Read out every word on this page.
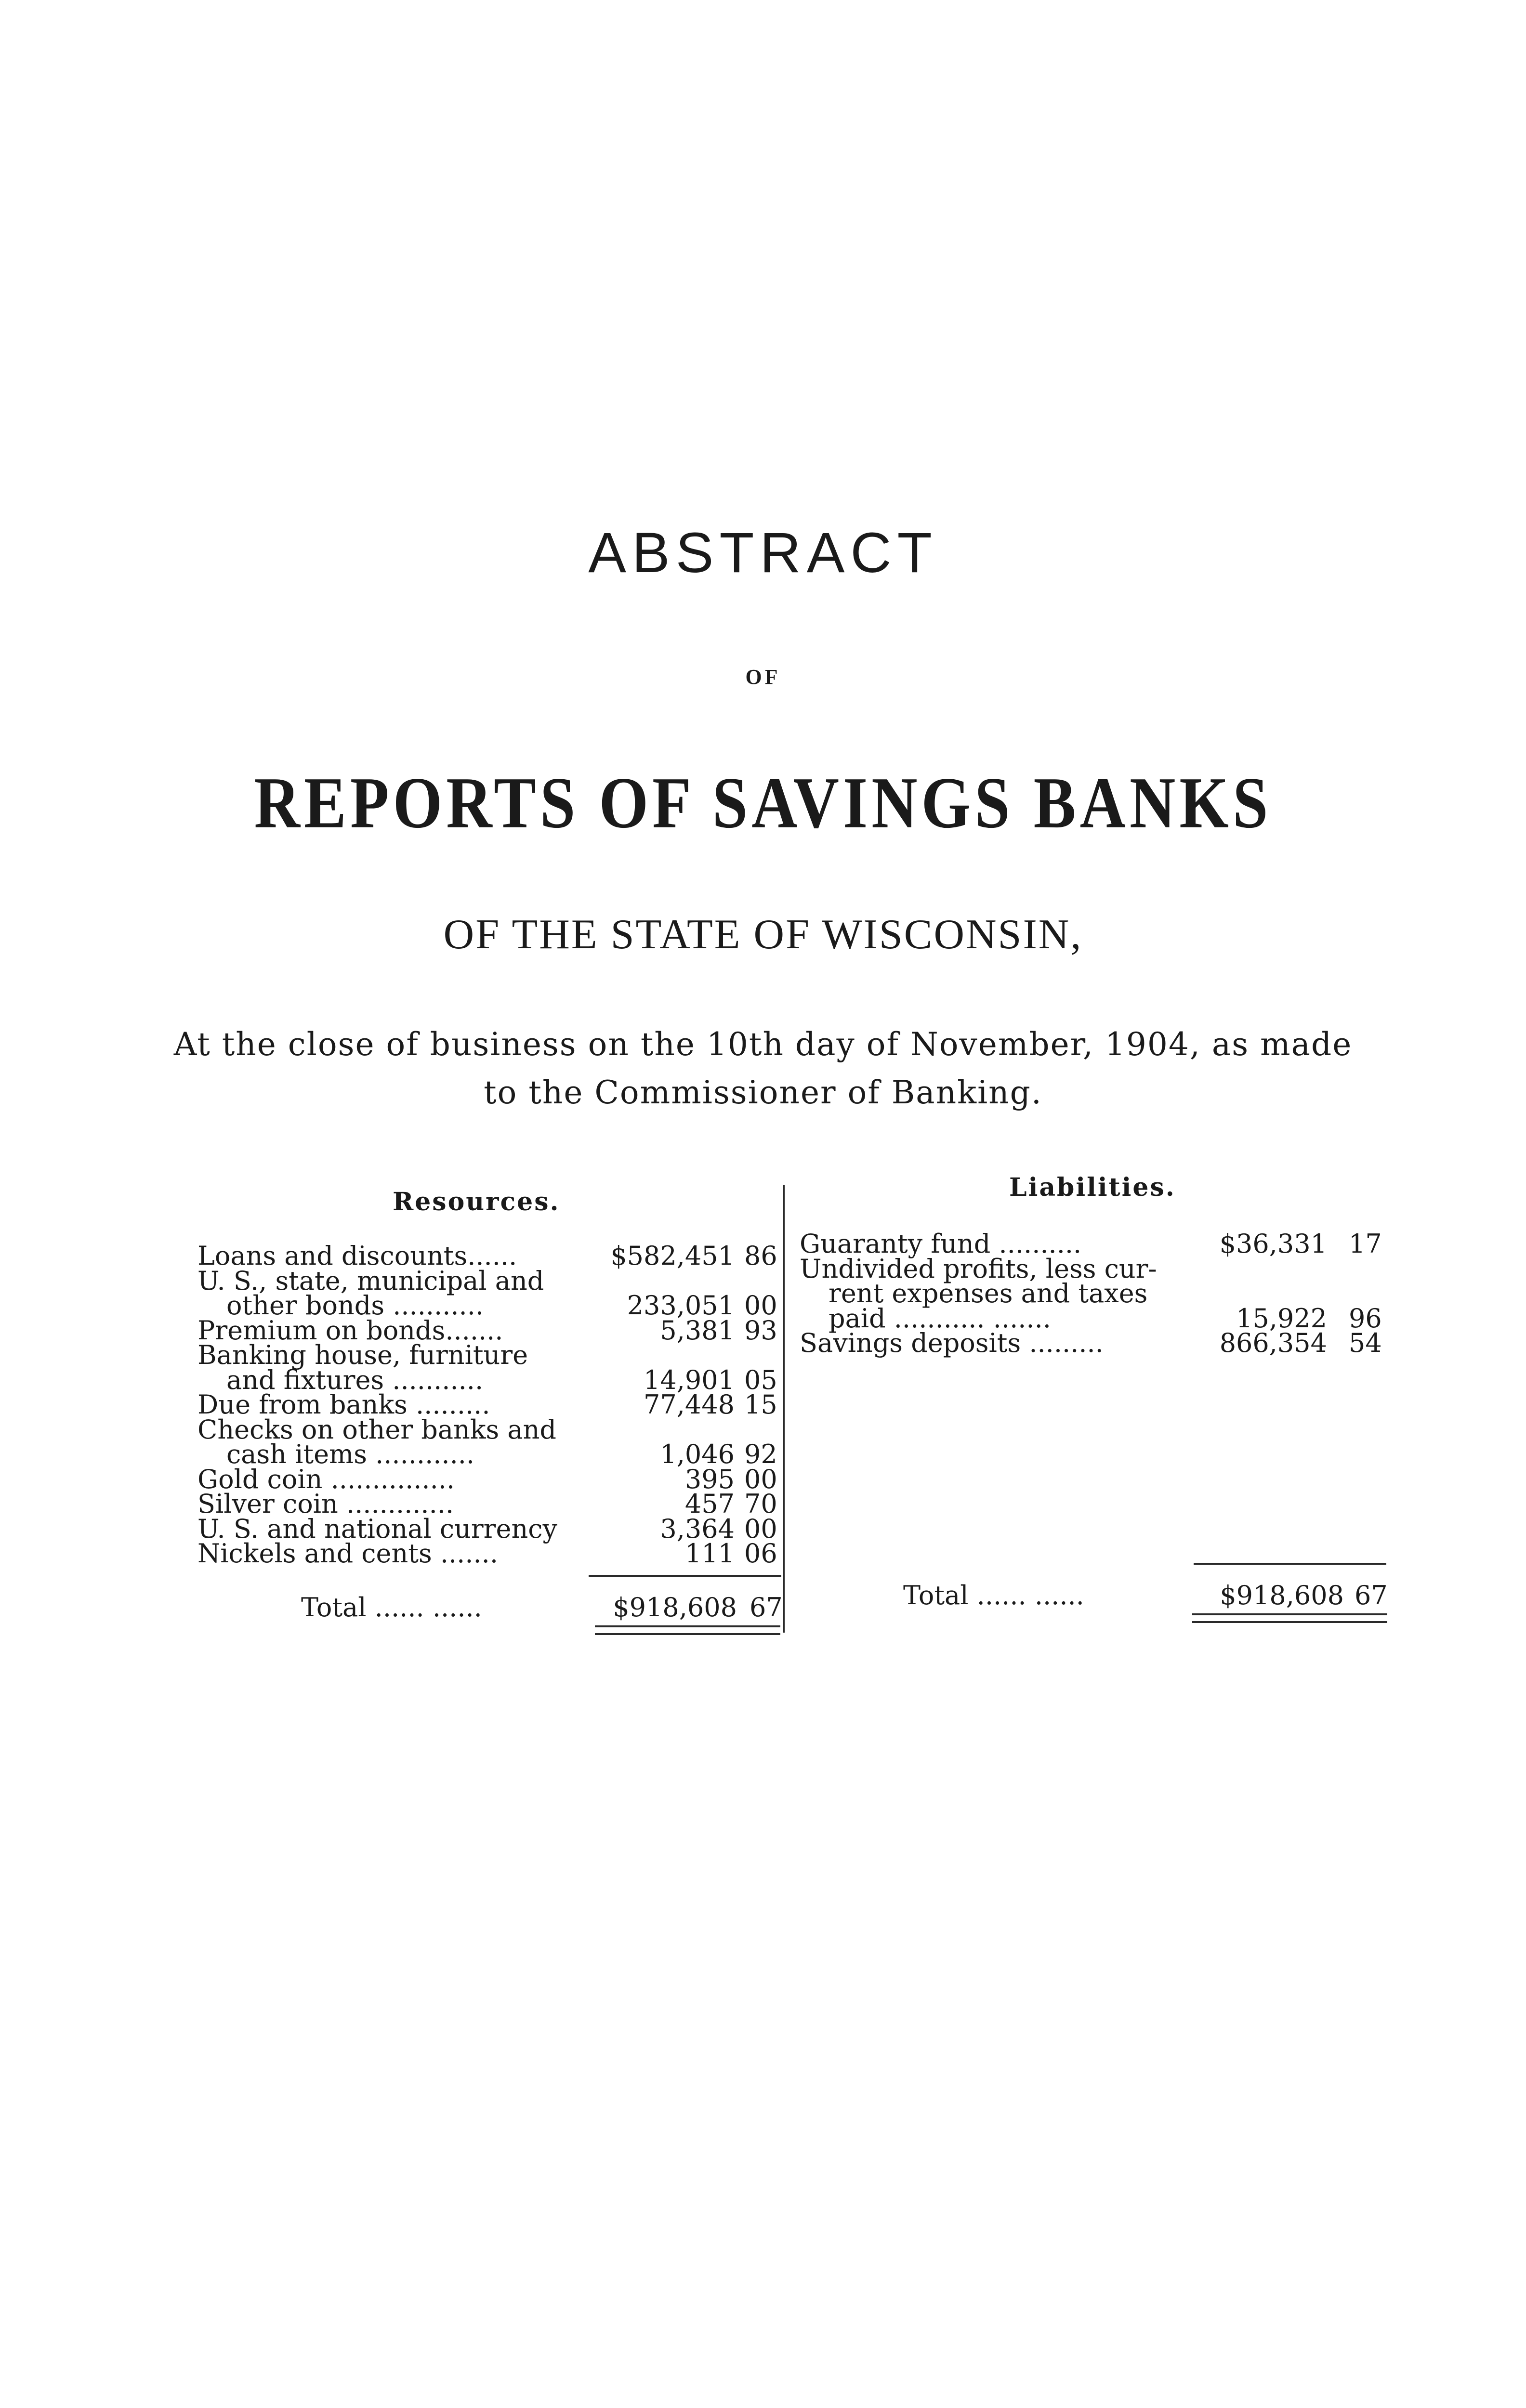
ABSTRACT
OF
REPORTS OF SAVINGS BANKS
OF THE STATE OF WISCONSIN,
At the close of business on the 10th day of November, 1904, as made
to the Commissioner of Banking.
Resources.	Liabilities.
Loans and discounts......	$582,451 86
U. S., state, municipal and
other bonds ...........	233,051 00
Premium on bonds.......	5,381 93
Banking house, furniture
and fixtures ...........	14,901 05
Due from banks .........	77,448 15
Checks on other banks and
cash items ............	1,046 92
Gold coin ...............	395 00
Silver coin .............	457 70
U. S. and national currency	3,364 00
Nickels and cents .......	111 06
Guaranty fund ..........	$36,331 17
Undivided profits, less cur-
rent expenses and taxes
paid ........... .......	15,922 96
Savings deposits .........	866,354 54
Total ...... ......	$918,608 67	Total ...... ......	$918,608 67
